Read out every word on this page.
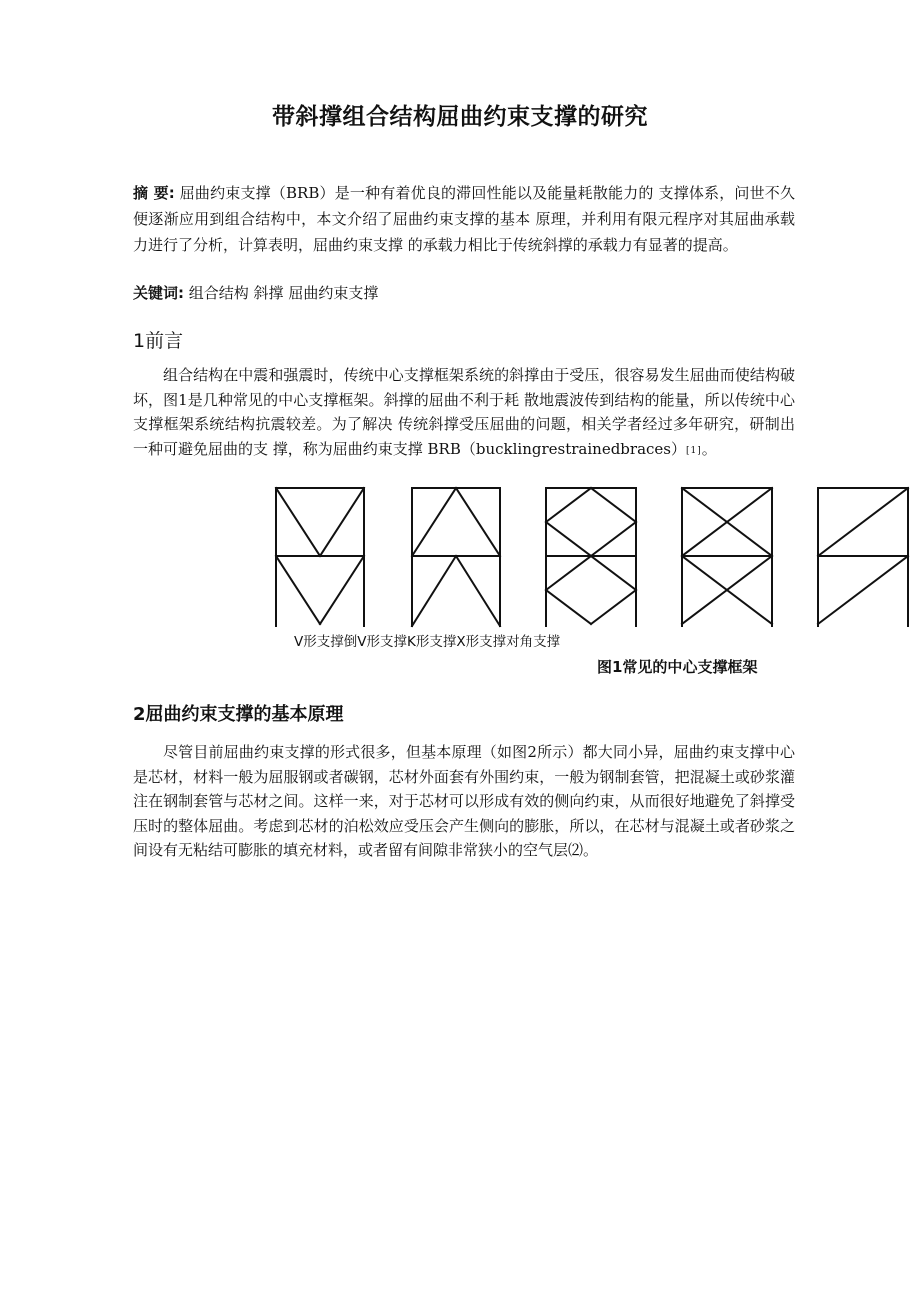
带斜撑组合结构屈曲约束支撑的研究
摘 要: 屈曲约束支撑（BRB）是一种有着优良的滞回性能以及能量耗散能力的 支撑体系，问世不久便逐渐应用到组合结构中，本文介绍了屈曲约束支撑的基本 原理，并利用有限元程序对其屈曲承载力进行了分析，计算表明，屈曲约束支撑 的承载力相比于传统斜撑的承载力有显著的提高。
关键词: 组合结构 斜撑 屈曲约束支撑
1前言
组合结构在中震和强震时，传统中心支撑框架系统的斜撑由于受压，很容易发生屈曲而使结构破坏，图1是几种常见的中心支撑框架。斜撑的屈曲不利于耗 散地震波传到结构的能量，所以传统中心支撑框架系统结构抗震较差。为了解决 传统斜撑受压屈曲的问题，相关学者经过多年研究，研制出一种可避免屈曲的支 撑，称为屈曲约束支撑 BRB（bucklingrestrainedbraces）[1]。
V形支撑倒V形支撑K形支撑X形支撑对角支撑
图1常见的中心支撑框架
2屈曲约束支撑的基本原理
尽管目前屈曲约束支撑的形式很多，但基本原理（如图2所示）都大同小异，屈曲约束支撑中心是芯材，材料一般为屈服钢或者碳钢，芯材外面套有外围约束，一般为钢制套管，把混凝土或砂浆灌注在钢制套管与芯材之间。这样一来，对于芯材可以形成有效的侧向约束，从而很好地避免了斜撑受压时的整体屈曲。考虑到芯材的泊松效应受压会产生侧向的膨胀，所以，在芯材与混凝土或者砂浆之间设有无粘结可膨胀的填充材料，或者留有间隙非常狭小的空气层⑵。
